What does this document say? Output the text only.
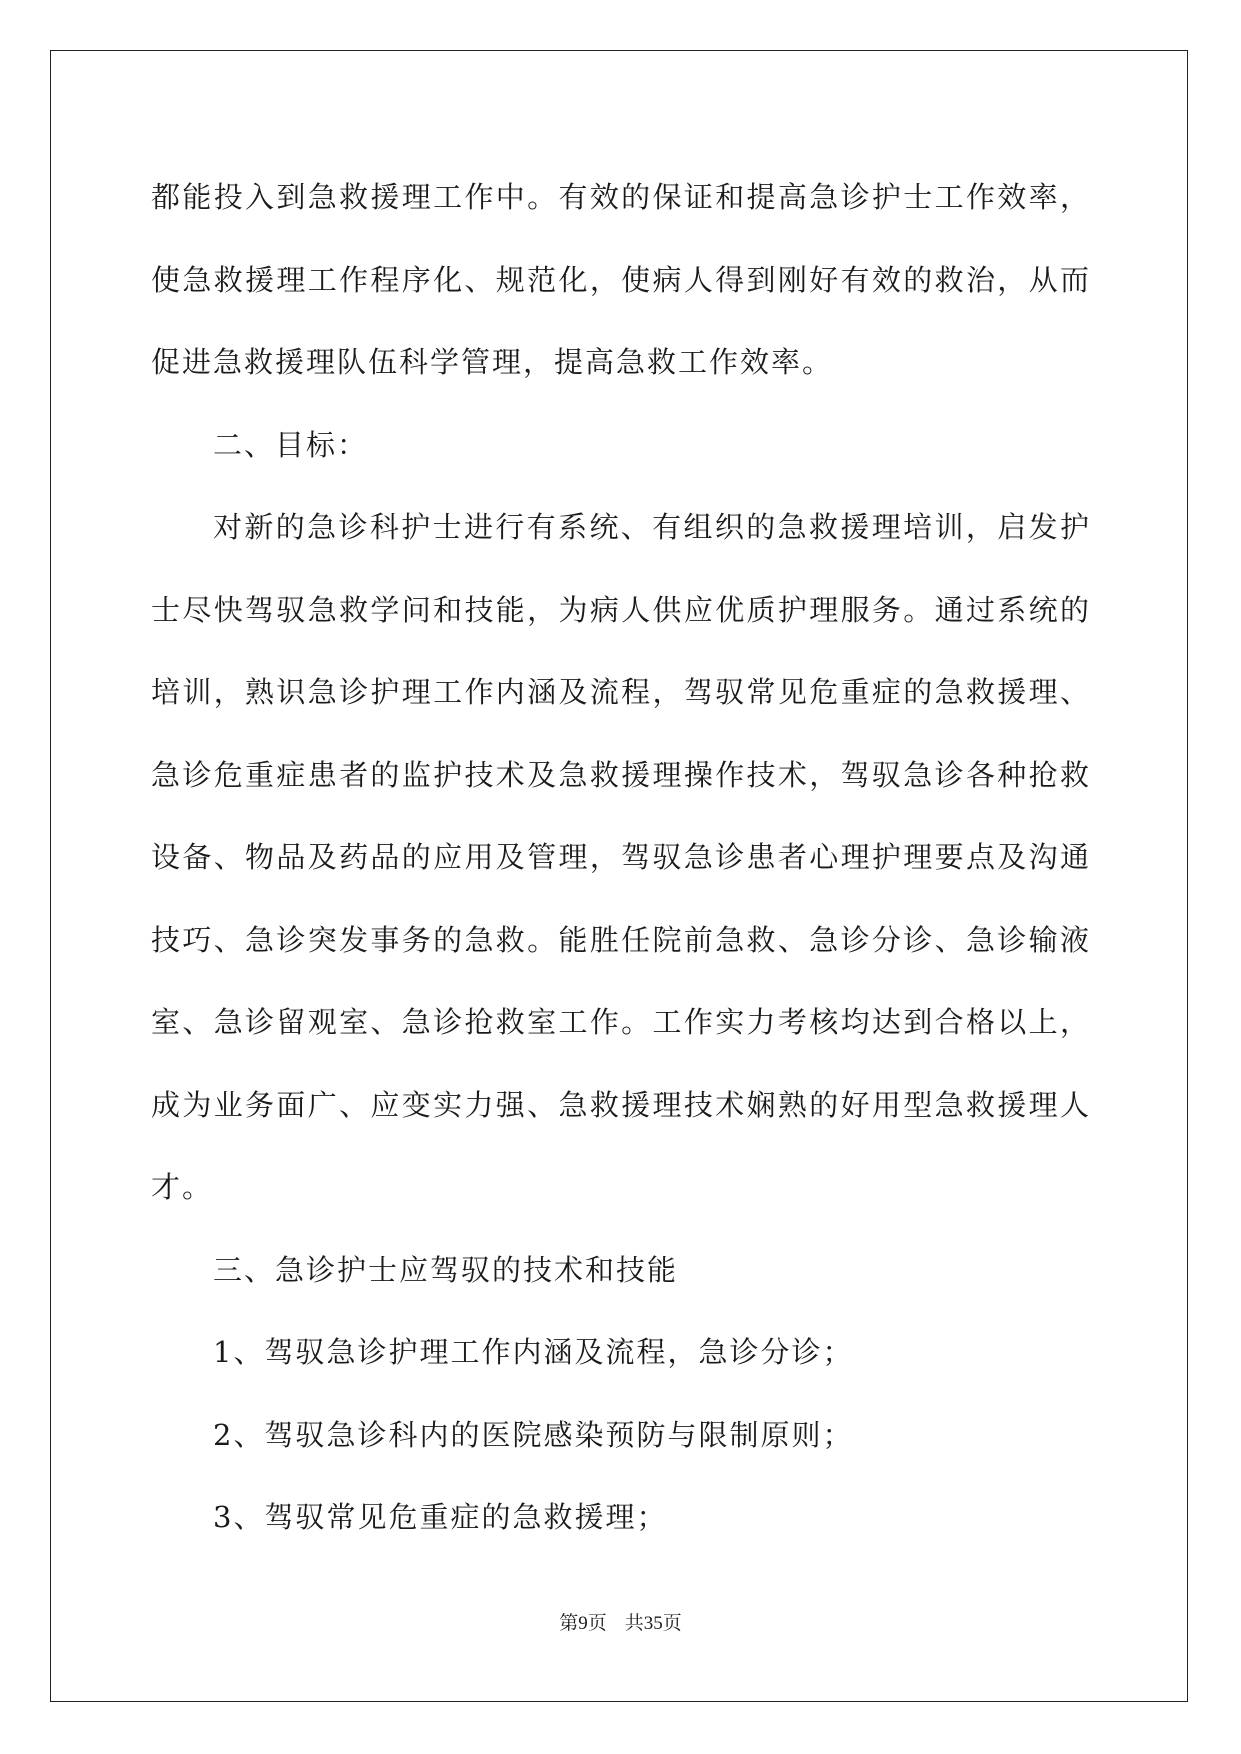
都能投入到急救援理工作中。有效的保证和提高急诊护士工作效率，使急救援理工作程序化、规范化，使病人得到刚好有效的救治，从而促进急救援理队伍科学管理，提高急救工作效率。

二、目标：

对新的急诊科护士进行有系统、有组织的急救援理培训，启发护士尽快驾驭急救学问和技能，为病人供应优质护理服务。通过系统的培训，熟识急诊护理工作内涵及流程，驾驭常见危重症的急救援理、急诊危重症患者的监护技术及急救援理操作技术，驾驭急诊各种抢救设备、物品及药品的应用及管理，驾驭急诊患者心理护理要点及沟通技巧、急诊突发事务的急救。能胜任院前急救、急诊分诊、急诊输液室、急诊留观室、急诊抢救室工作。工作实力考核均达到合格以上，成为业务面广、应变实力强、急救援理技术娴熟的好用型急救援理人才。

三、急诊护士应驾驭的技术和技能

1、驾驭急诊护理工作内涵及流程，急诊分诊；

2、驾驭急诊科内的医院感染预防与限制原则；

3、驾驭常见危重症的急救援理；

第9页 共35页
